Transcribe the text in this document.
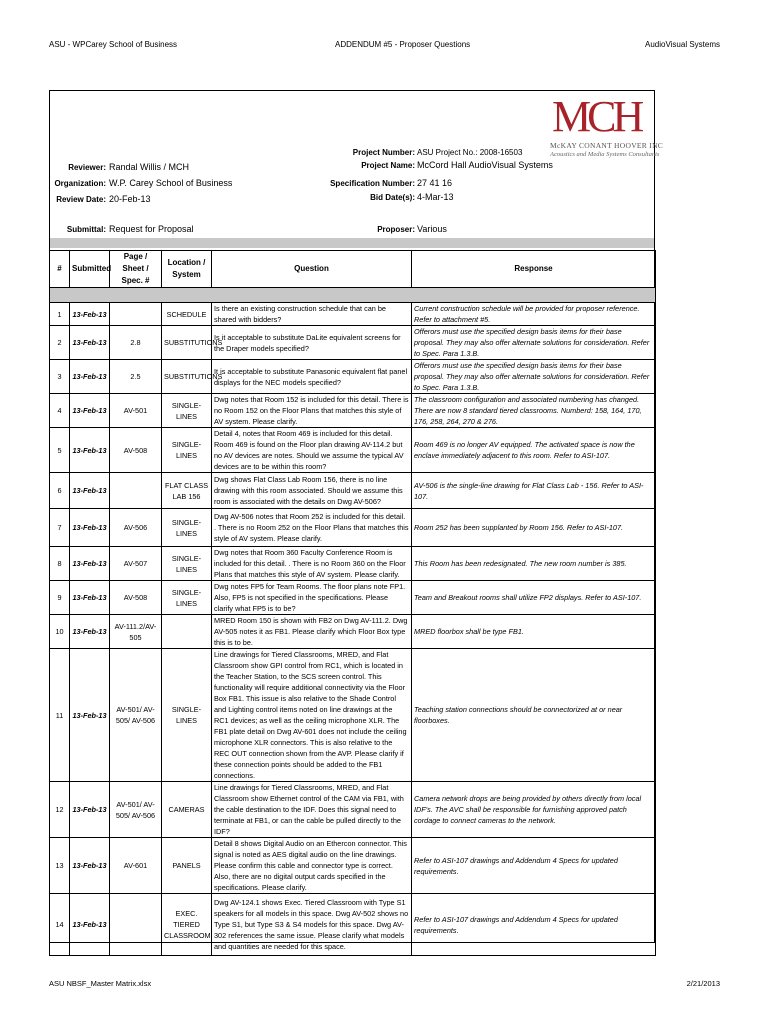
ASU - WPCarey School of Business	ADDENDUM #5 - Proposer Questions	AudioVisual Systems
MCH
McKAY CONANT HOOVER INC
Acoustics and Media Systems Consultants
Project Number: ASU Project No.: 2008-16503
Project Name: McCord Hall AudioVisual Systems
Specification Number: 27 41 16
Bid Date(s): 4-Mar-13
Reviewer: Randal Willis / MCH
Organization: W.P. Carey School of Business
Review Date: 20-Feb-13
Submittal: Request for Proposal	Proposer: Various
#	Submitted	Page / Sheet / Spec. #	Location / System	Question	Response

1	13-Feb-13		SCHEDULE	Is there an existing construction schedule that can be shared with bidders?	Current construction schedule will be provided for proposer reference. Refer to attachment #5.
2	13-Feb-13	2.8	SUBSTITUTIONS	Is it acceptable to substitute DaLite equivalent screens for the Draper models specified?	Offerors must use the specified design basis items for their base proposal. They may also offer alternate solutions for consideration. Refer to Spec. Para 1.3.B.
3	13-Feb-13	2.5	SUBSTITUTIONS	It is acceptable to substitute Panasonic equivalent flat panel displays for the NEC models specified?	Offerors must use the specified design basis items for their base proposal. They may also offer alternate solutions for consideration. Refer to Spec. Para 1.3.B.
4	13-Feb-13	AV-501	SINGLE-LINES	Dwg notes that Room 152 is included for this detail. There is no Room 152 on the Floor Plans that matches this style of AV system. Please clarify.	The classroom configuration and associated numbering has changed. There are now 8 standard tiered classrooms. Numberd: 158, 164, 170, 176, 258, 264, 270 & 276.
5	13-Feb-13	AV-508	SINGLE-LINES	Detail 4, notes that Room 469 is included for this detail. Room 469 is found on the Floor plan drawing AV-114.2 but no AV devices are notes. Should we assume the typical AV devices are to be within this room?	Room 469 is no longer AV equipped. The activated space is now the enclave immediately adjacent to this room. Refer to ASI-107.
6	13-Feb-13		FLAT CLASS LAB 156	Dwg shows Flat Class Lab Room 156, there is no line drawing with this room associated. Should we assume this room is associated with the details on Dwg AV-506?	AV-506 is the single-line drawing for Flat Class Lab - 156. Refer to ASI-107.
7	13-Feb-13	AV-506	SINGLE-LINES	Dwg AV-506 notes that Room 252 is included for this detail. . There is no Room 252 on the Floor Plans that matches this style of AV system. Please clarify.	Room 252 has been supplanted by Room 156. Refer to ASI-107.
8	13-Feb-13	AV-507	SINGLE-LINES	Dwg notes that Room 360 Faculty Conference Room is included for this detail. . There is no Room 360 on the Floor Plans that matches this style of AV system. Please clarify.	This Room has been redesignated. The new room number is 385.
9	13-Feb-13	AV-508	SINGLE-LINES	Dwg notes FP5 for Team Rooms. The floor plans note FP1. Also, FP5 is not specified in the specifications. Please clarify what FP5 is to be?	Team and Breakout rooms shall utilize FP2 displays. Refer to ASI-107.
10	13-Feb-13	AV-111.2/AV-505		MRED Room 150 is shown with FB2 on Dwg AV-111.2. Dwg AV-505 notes it as FB1. Please clarify which Floor Box type this is to be.	MRED floorbox shall be type FB1.
11	13-Feb-13	AV-501/ AV-505/ AV-506	SINGLE-LINES	Line drawings for Tiered Classrooms, MRED, and Flat Classroom show GPI control from RC1, which is located in the Teacher Station, to the SCS screen control. This functionality will require additional connectivity via the Floor Box FB1. This issue is also relative to the Shade Control and Lighting control items noted on line drawings at the RC1 devices; as well as the ceiling microphone XLR. The FB1 plate detail on Dwg AV-601 does not include the ceiling microphone XLR connectors. This is also relative to the REC OUT connection shown from the AVP. Please clarify if these connection points should be added to the FB1 connections.	Teaching station connections should be connectorized at or near floorboxes.
12	13-Feb-13	AV-501/ AV-505/ AV-506	CAMERAS	Line drawings for Tiered Classrooms, MRED, and Flat Classroom show Ethernet control of the CAM via FB1, with the cable destination to the IDF. Does this signal need to terminate at FB1, or can the cable be pulled directly to the IDF?	Camera network drops are being provided by others directly from local IDF's. The AVC shall be responsible for furnishing approved patch cordage to connect cameras to the network.
13	13-Feb-13	AV-601	PANELS	Detail 8 shows Digital Audio on an Ethercon connector. This signal is noted as AES digital audio on the line drawings. Please confirm this cable and connector type is correct. Also, there are no digital output cards specified in the specifications. Please clarify.	Refer to ASI-107 drawings and Addendum 4 Specs for updated requirements.
14	13-Feb-13		EXEC. TIERED CLASSROOM	Dwg AV-124.1 shows Exec. Tiered Classroom with Type S1 speakers for all models in this space. Dwg AV-502 shows no Type S1, but Type S3 & S4 models for this space. Dwg AV-302 references the same issue. Please clarify what models and quantities are needed for this space.	Refer to ASI-107 drawings and Addendum 4 Specs for updated requirements.
ASU NBSF_Master Matrix.xlsx	2/21/2013
